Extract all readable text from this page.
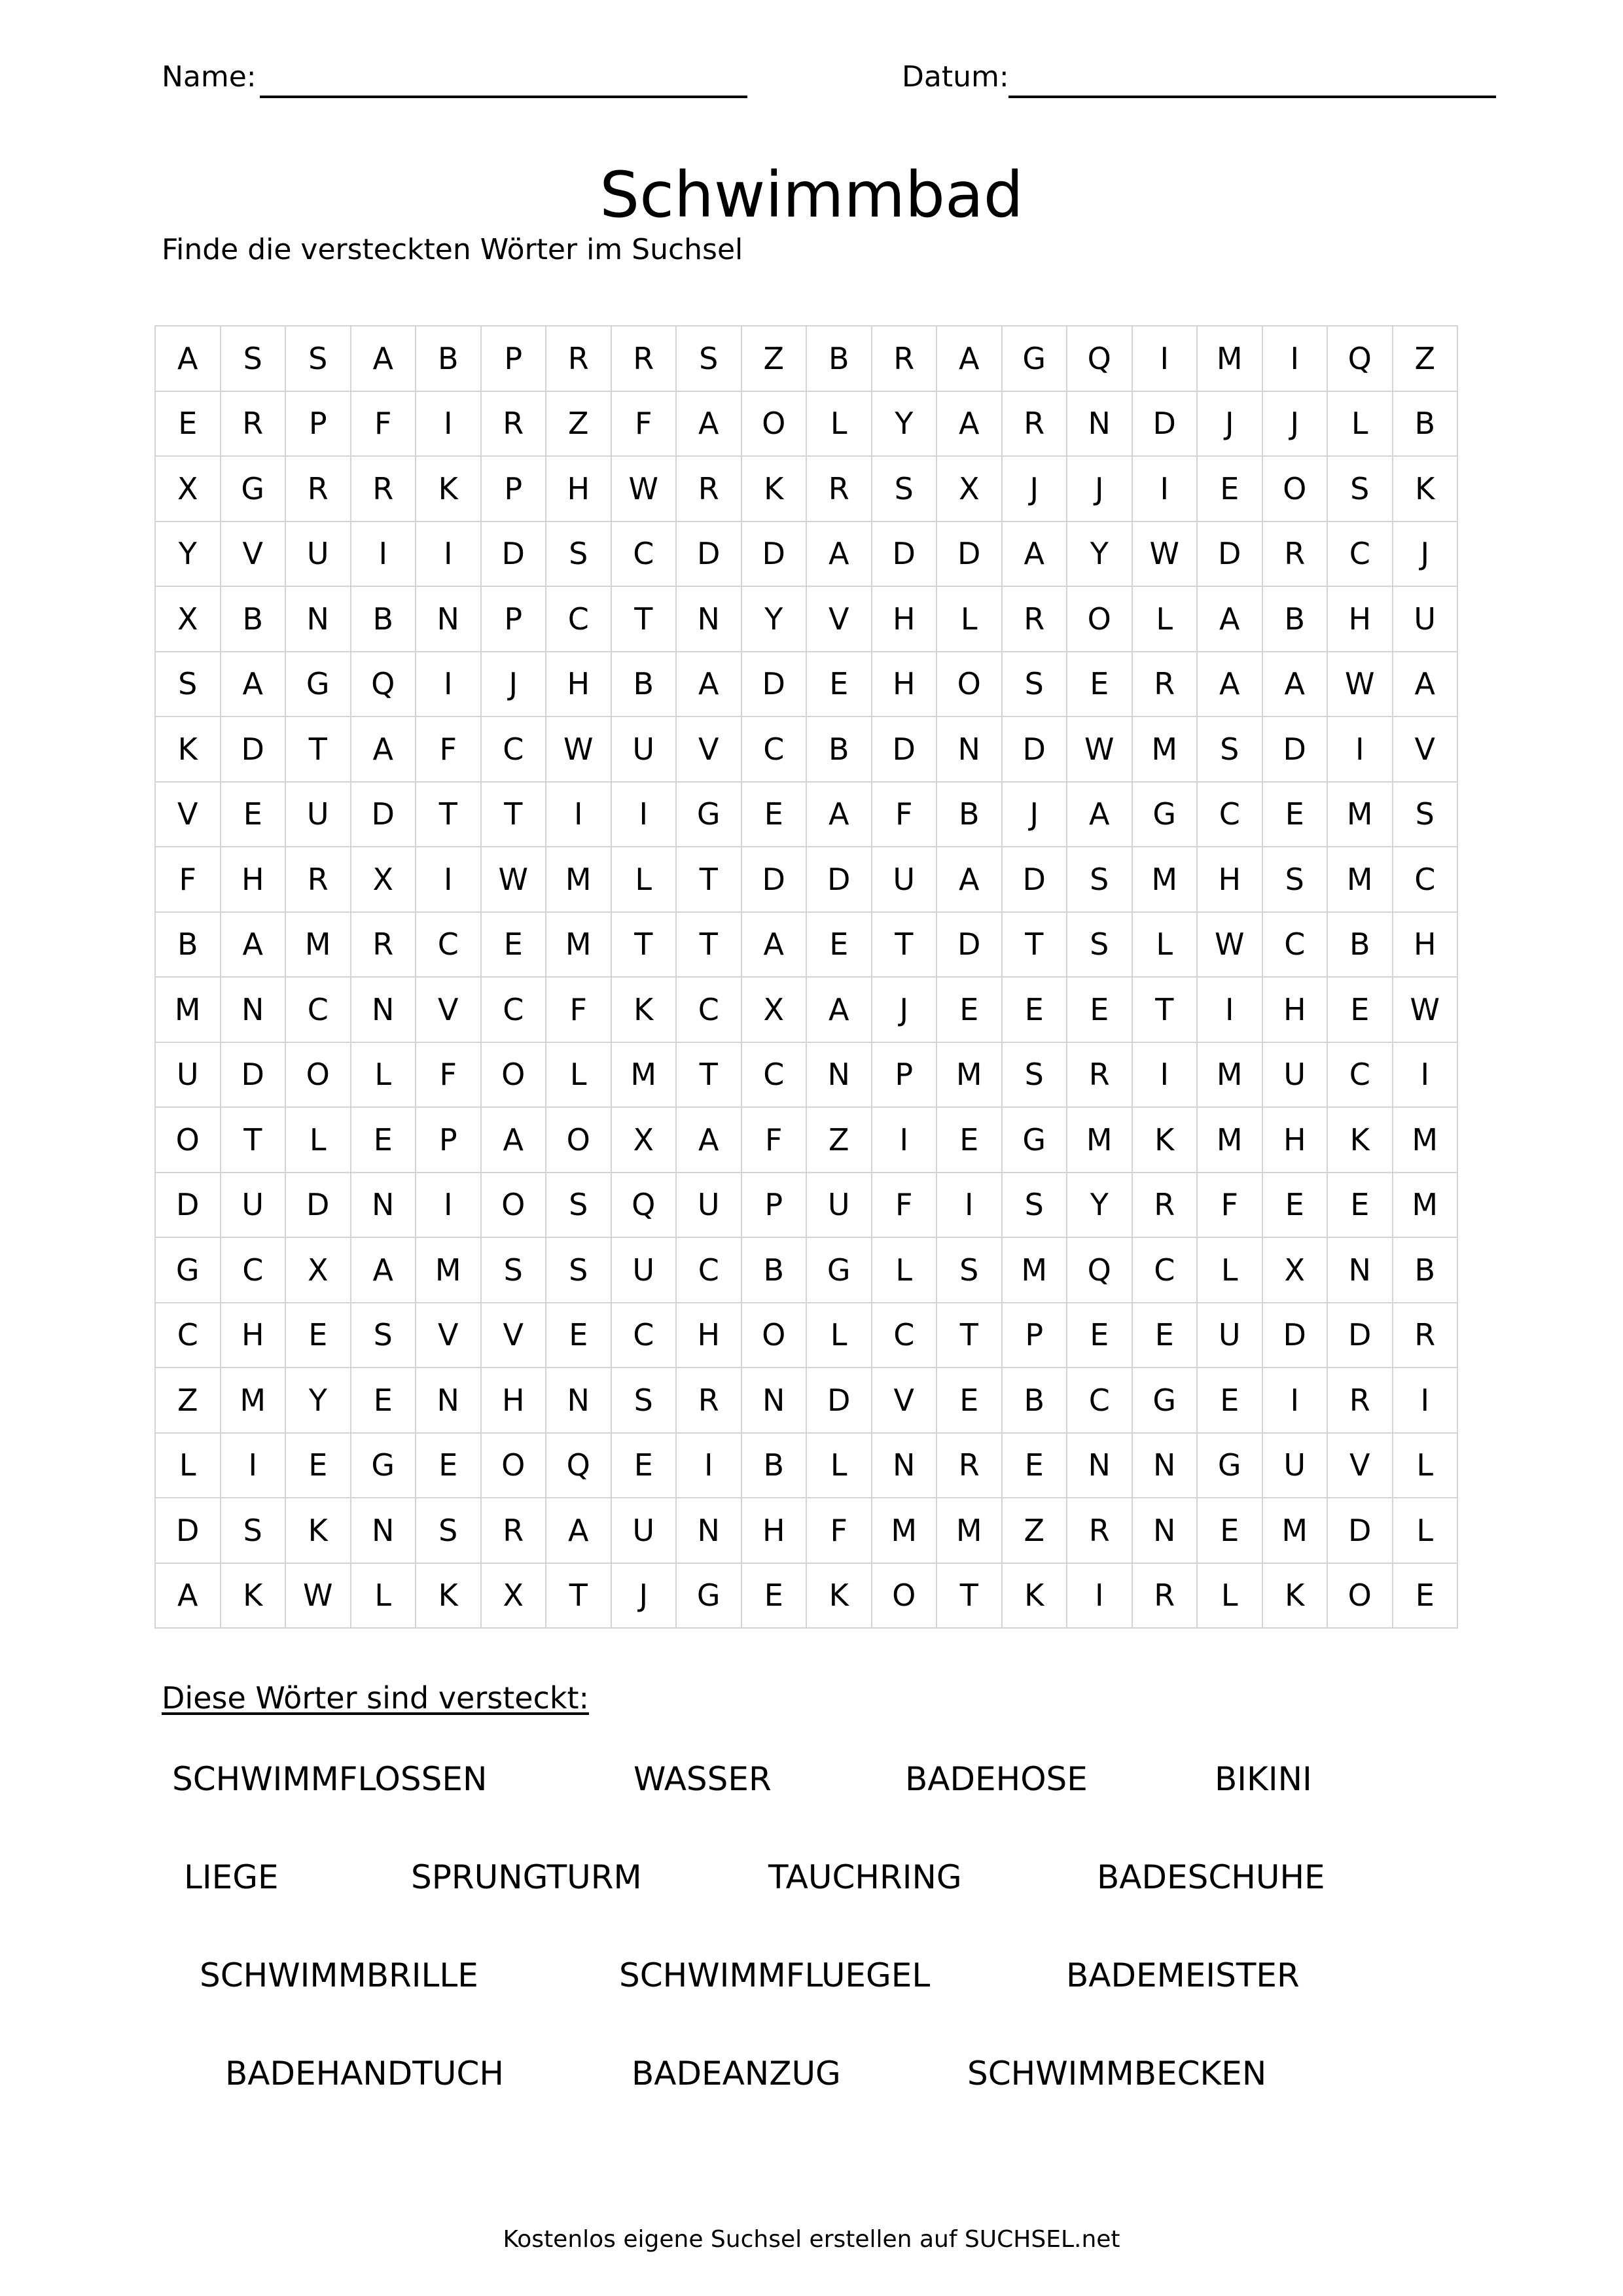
Name:	Datum:
Schwimmbad
Finde die versteckten Wörter im Suchsel
A	S	S	A	B	P	R	R	S	Z	B	R	A	G	Q	I	M	I	Q	Z
E	R	P	F	I	R	Z	F	A	O	L	Y	A	R	N	D	J	J	L	B
X	G	R	R	K	P	H	W	R	K	R	S	X	J	J	I	E	O	S	K
Y	V	U	I	I	D	S	C	D	D	A	D	D	A	Y	W	D	R	C	J
X	B	N	B	N	P	C	T	N	Y	V	H	L	R	O	L	A	B	H	U
S	A	G	Q	I	J	H	B	A	D	E	H	O	S	E	R	A	A	W	A
K	D	T	A	F	C	W	U	V	C	B	D	N	D	W	M	S	D	I	V
V	E	U	D	T	T	I	I	G	E	A	F	B	J	A	G	C	E	M	S
F	H	R	X	I	W	M	L	T	D	D	U	A	D	S	M	H	S	M	C
B	A	M	R	C	E	M	T	T	A	E	T	D	T	S	L	W	C	B	H
M	N	C	N	V	C	F	K	C	X	A	J	E	E	E	T	I	H	E	W
U	D	O	L	F	O	L	M	T	C	N	P	M	S	R	I	M	U	C	I
O	T	L	E	P	A	O	X	A	F	Z	I	E	G	M	K	M	H	K	M
D	U	D	N	I	O	S	Q	U	P	U	F	I	S	Y	R	F	E	E	M
G	C	X	A	M	S	S	U	C	B	G	L	S	M	Q	C	L	X	N	B
C	H	E	S	V	V	E	C	H	O	L	C	T	P	E	E	U	D	D	R
Z	M	Y	E	N	H	N	S	R	N	D	V	E	B	C	G	E	I	R	I
L	I	E	G	E	O	Q	E	I	B	L	N	R	E	N	N	G	U	V	L
D	S	K	N	S	R	A	U	N	H	F	M	M	Z	R	N	E	M	D	L
A	K	W	L	K	X	T	J	G	E	K	O	T	K	I	R	L	K	O	E
Diese Wörter sind versteckt:
SCHWIMMFLOSSEN	WASSER	BADEHOSE	BIKINI
LIEGE	SPRUNGTURM	TAUCHRING	BADESCHUHE
SCHWIMMBRILLE	SCHWIMMFLUEGEL	BADEMEISTER
BADEHANDTUCH	BADEANZUG	SCHWIMMBECKEN
Kostenlos eigene Suchsel erstellen auf SUCHSEL.net
